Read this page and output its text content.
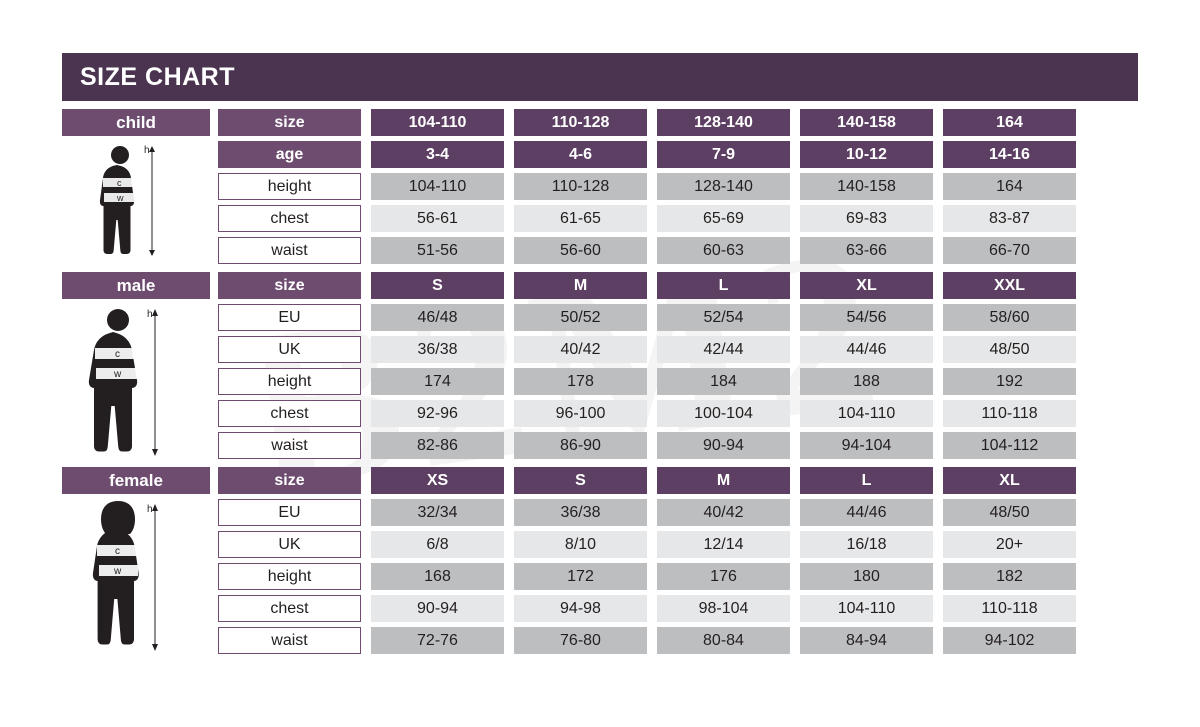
SIZE CHART
child	size	104-110	110-128	128-140	140-158	164
c
w
h	age	3-4	4-6	7-9	10-12	14-16
height	104-110	110-128	128-140	140-158	164
chest	56-61	61-65	65-69	69-83	83-87
waist	51-56	56-60	60-63	63-66	66-70
male	size	S	M	L	XL	XXL
c
w
h	EU	46/48	50/52	52/54	54/56	58/60
UK	36/38	40/42	42/44	44/46	48/50
height	174	178	184	188	192
chest	92-96	96-100	100-104	104-110	110-118
waist	82-86	86-90	90-94	94-104	104-112
female	size	XS	S	M	L	XL
c
w
h	EU	32/34	36/38	40/42	44/46	48/50
UK	6/8	8/10	12/14	16/18	20+
height	168	172	176	180	182
chest	90-94	94-98	98-104	104-110	110-118
waist	72-76	76-80	80-84	84-94	94-102
